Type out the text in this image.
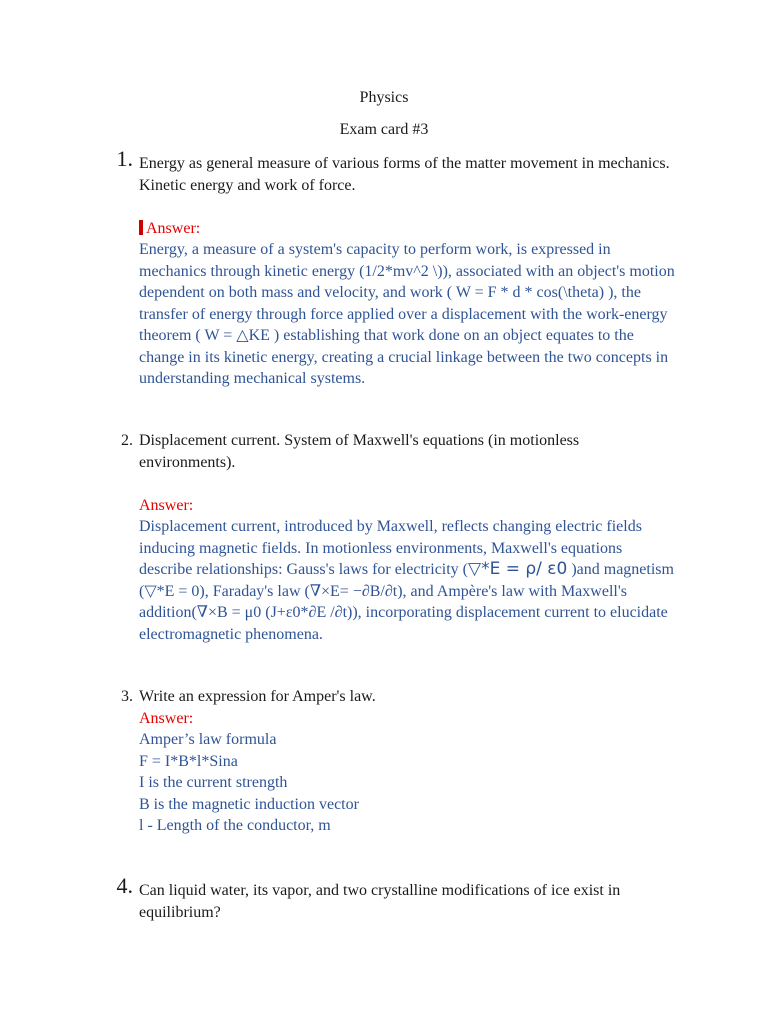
Physics
Exam card #3
1. Energy as general measure of various forms of the matter movement in mechanics. Kinetic energy and work of force.
Answer:
Energy, a measure of a system's capacity to perform work, is expressed in mechanics through kinetic energy (1/2*mv^2 \)), associated with an object's motion dependent on both mass and velocity, and work ( W = F * d * cos(\theta) ), the transfer of energy through force applied over a displacement with the work-energy theorem ( W = △KE ) establishing that work done on an object equates to the change in its kinetic energy, creating a crucial linkage between the two concepts in understanding mechanical systems.
2. Displacement current. System of Maxwell's equations (in motionless environments).
Answer:
Displacement current, introduced by Maxwell, reflects changing electric fields inducing magnetic fields. In motionless environments, Maxwell's equations describe relationships: Gauss's laws for electricity (▽*E = ρ/ ε0 )and magnetism (▽*E = 0), Faraday's law (∇×E= −∂B/∂t), and Ampère's law with Maxwell's addition(∇×B = μ0 (J+ε0*∂E /∂t)), incorporating displacement current to elucidate electromagnetic phenomena.
3. Write an expression for Amper's law.
Answer:
Amper’s law formula
F = I*B*l*Sina
I is the current strength
B is the magnetic induction vector
l - Length of the conductor, m
4. Can liquid water, its vapor, and two crystalline modifications of ice exist in equilibrium?
